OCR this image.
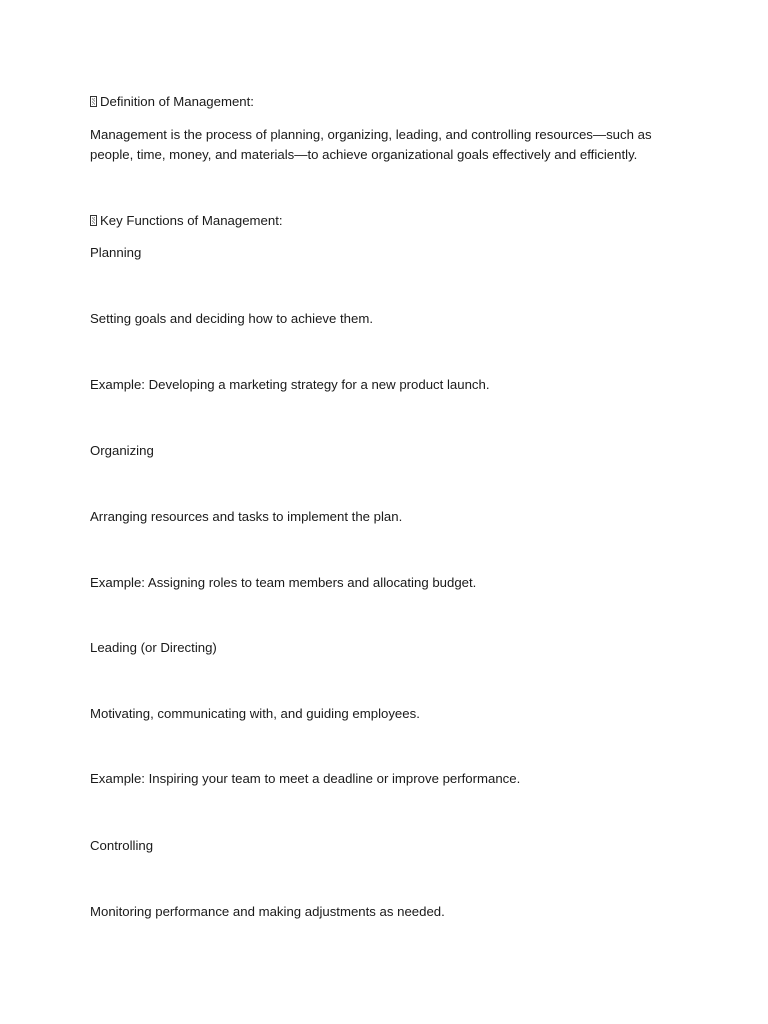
Definition of Management:
Management is the process of planning, organizing, leading, and controlling resources—such as people, time, money, and materials—to achieve organizational goals effectively and efficiently.
Key Functions of Management:
Planning
Setting goals and deciding how to achieve them.
Example: Developing a marketing strategy for a new product launch.
Organizing
Arranging resources and tasks to implement the plan.
Example: Assigning roles to team members and allocating budget.
Leading (or Directing)
Motivating, communicating with, and guiding employees.
Example: Inspiring your team to meet a deadline or improve performance.
Controlling
Monitoring performance and making adjustments as needed.
